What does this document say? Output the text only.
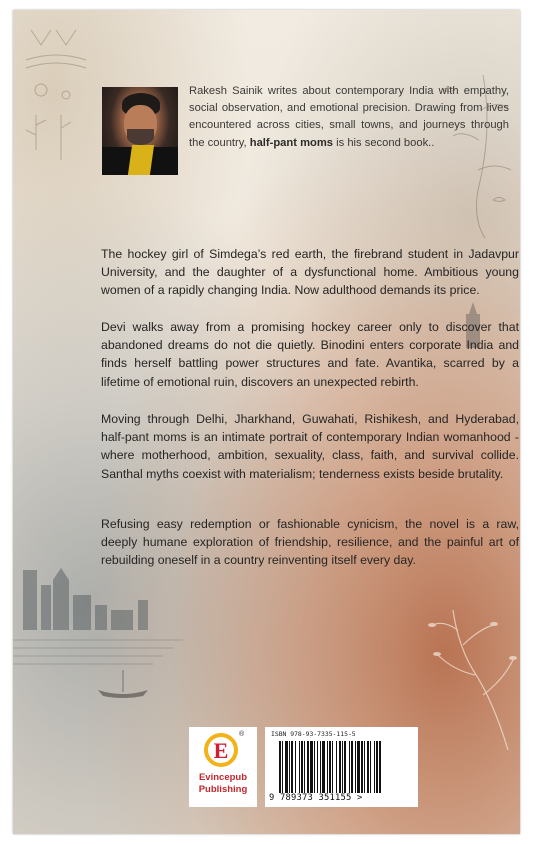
Rakesh Sainik writes about contemporary India with empathy, social observation, and emotional precision. Drawing from lives encountered across cities, small towns, and journeys through the country, half-pant moms is his second book..
The hockey girl of Simdega’s red earth, the firebrand student in Jadavpur University, and the daughter of a dysfunctional home. Ambitious young women of a rapidly changing India. Now adulthood demands its price.
Devi walks away from a promising hockey career only to discover that abandoned dreams do not die quietly. Binodini enters corporate India and finds herself battling power structures and fate. Avantika, scarred by a lifetime of emotional ruin, discovers an unexpected rebirth.
Moving through Delhi, Jharkhand, Guwahati, Rishikesh, and Hyderabad, half-pant moms is an intimate portrait of contemporary Indian womanhood - where motherhood, ambition, sexuality, class, faith, and survival collide. Santhal myths coexist with materialism; tenderness exists beside brutality.
Refusing easy redemption or fashionable cynicism, the novel is a raw, deeply humane exploration of friendship, resilience, and the painful art of rebuilding oneself in a country reinventing itself every day.
E
®
Evincepub
Publishing
ISBN 978-93-7335-115-5
9 789373 351155 >
